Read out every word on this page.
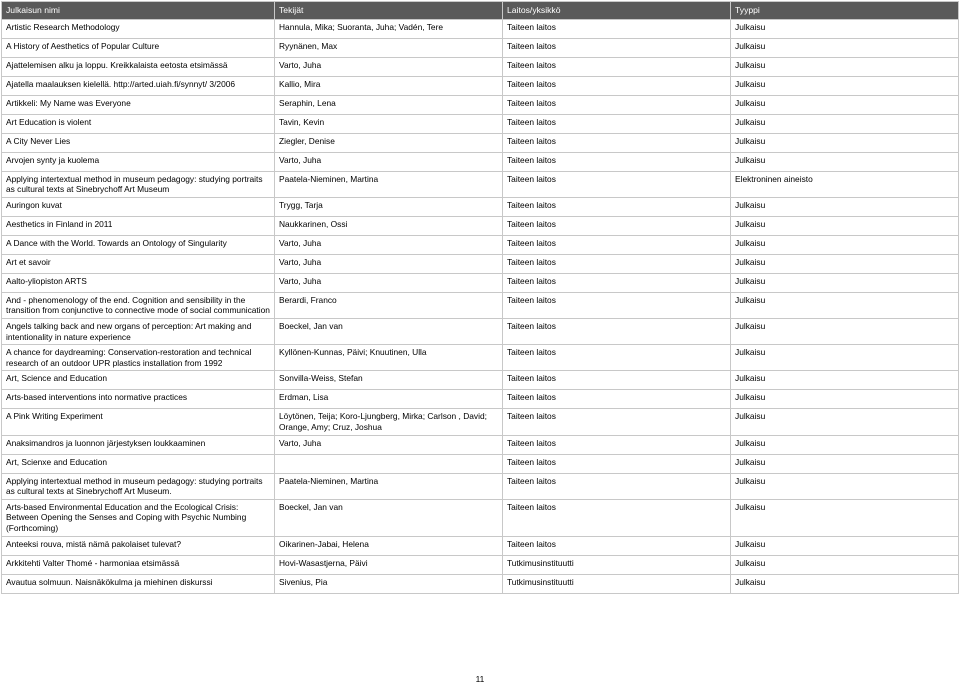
Julkaisun nimi	Tekijät	Laitos/yksikkö	Tyyppi
Artistic Research Methodology	Hannula, Mika; Suoranta, Juha; Vadén, Tere	Taiteen laitos	Julkaisu
A History of Aesthetics of Popular Culture	Ryynänen, Max	Taiteen laitos	Julkaisu
Ajattelemisen alku ja loppu. Kreikkalaista eetosta etsimässä	Varto, Juha	Taiteen laitos	Julkaisu
Ajatella maalauksen kielellä. http://arted.uiah.fi/synnyt/ 3/2006	Kallio, Mira	Taiteen laitos	Julkaisu
Artikkeli: My Name was Everyone	Seraphin, Lena	Taiteen laitos	Julkaisu
Art Education is violent	Tavin, Kevin	Taiteen laitos	Julkaisu
A City Never Lies	Ziegler, Denise	Taiteen laitos	Julkaisu
Arvojen synty ja kuolema	Varto, Juha	Taiteen laitos	Julkaisu
Applying intertextual method in museum pedagogy: studying portraits as cultural texts at Sinebrychoff Art Museum	Paatela-Nieminen, Martina	Taiteen laitos	Elektroninen aineisto
Auringon kuvat	Trygg, Tarja	Taiteen laitos	Julkaisu
Aesthetics in Finland in 2011	Naukkarinen, Ossi	Taiteen laitos	Julkaisu
A Dance with the World. Towards an Ontology of Singularity	Varto, Juha	Taiteen laitos	Julkaisu
Art et savoir	Varto, Juha	Taiteen laitos	Julkaisu
Aalto-yliopiston ARTS	Varto, Juha	Taiteen laitos	Julkaisu
And - phenomenology of the end. Cognition and sensibility in the transition from conjunctive to connective mode of social communication	Berardi, Franco	Taiteen laitos	Julkaisu
Angels talking back and new organs of perception: Art making and intentionality in nature experience	Boeckel, Jan van	Taiteen laitos	Julkaisu
A chance for daydreaming: Conservation-restoration and technical research of an outdoor UPR plastics installation from 1992	Kyllönen-Kunnas, Päivi; Knuutinen, Ulla	Taiteen laitos	Julkaisu
Art, Science and Education	Sonvilla-Weiss, Stefan	Taiteen laitos	Julkaisu
Arts-based interventions into normative practices	Erdman, Lisa	Taiteen laitos	Julkaisu
A Pink Writing Experiment	Löytönen, Teija; Koro-Ljungberg, Mirka; Carlson , David; Orange, Amy; Cruz, Joshua	Taiteen laitos	Julkaisu
Anaksimandros ja luonnon järjestyksen loukkaaminen	Varto, Juha	Taiteen laitos	Julkaisu
Art, Scienxe and Education		Taiteen laitos	Julkaisu
Applying intertextual method in museum pedagogy: studying portraits as cultural texts at Sinebrychoff Art Museum.	Paatela-Nieminen, Martina	Taiteen laitos	Julkaisu
Arts-based Environmental Education and the Ecological Crisis: Between Opening the Senses and Coping with Psychic Numbing (Forthcoming)	Boeckel, Jan van	Taiteen laitos	Julkaisu
Anteeksi rouva, mistä nämä pakolaiset tulevat?	Oikarinen-Jabai, Helena	Taiteen laitos	Julkaisu
Arkkitehti Valter Thomé - harmoniaa etsimässä	Hovi-Wasastjerna, Päivi	Tutkimusinstituutti	Julkaisu
Avautua solmuun. Naisnäkökulma ja miehinen diskurssi	Sivenius, Pia	Tutkimusinstituutti	Julkaisu
11
